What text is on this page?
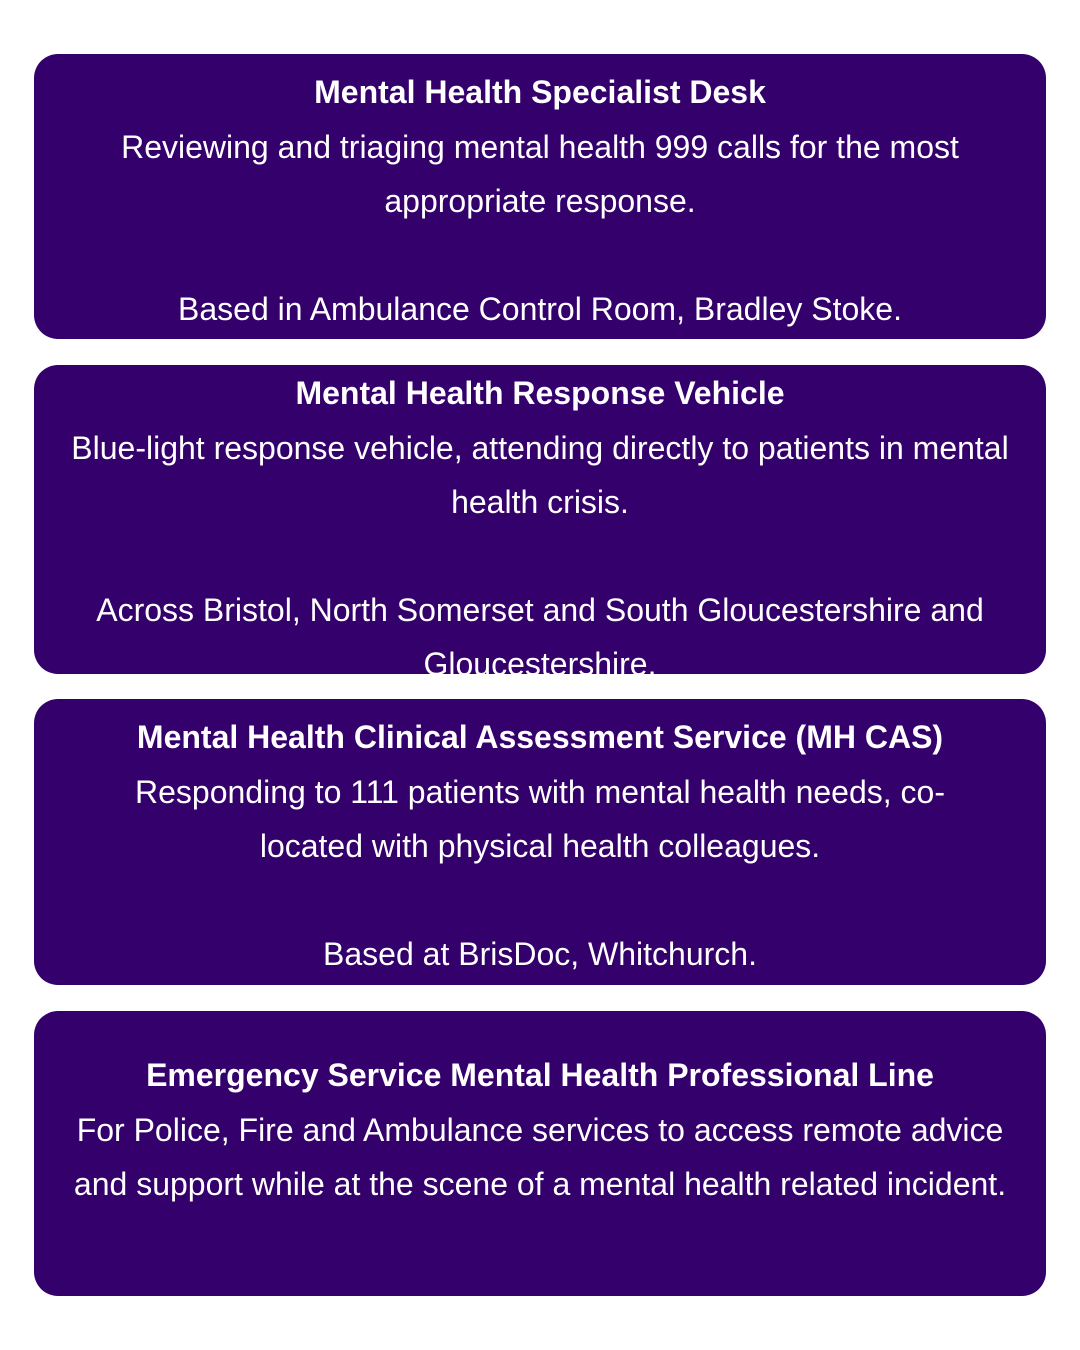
Mental Health Specialist Desk

Reviewing and triaging mental health 999 calls for the most appropriate response.

Based in Ambulance Control Room, Bradley Stoke.

Mental Health Response Vehicle

Blue-light response vehicle, attending directly to patients in mental health crisis.

Across Bristol, North Somerset and South Gloucestershire and Gloucestershire.

Mental Health Clinical Assessment Service (MH CAS)

Responding to 111 patients with mental health needs, co-located with physical health colleagues.

Based at BrisDoc, Whitchurch.

Emergency Service Mental Health Professional Line

For Police, Fire and Ambulance services to access remote advice and support while at the scene of a mental health related incident.
